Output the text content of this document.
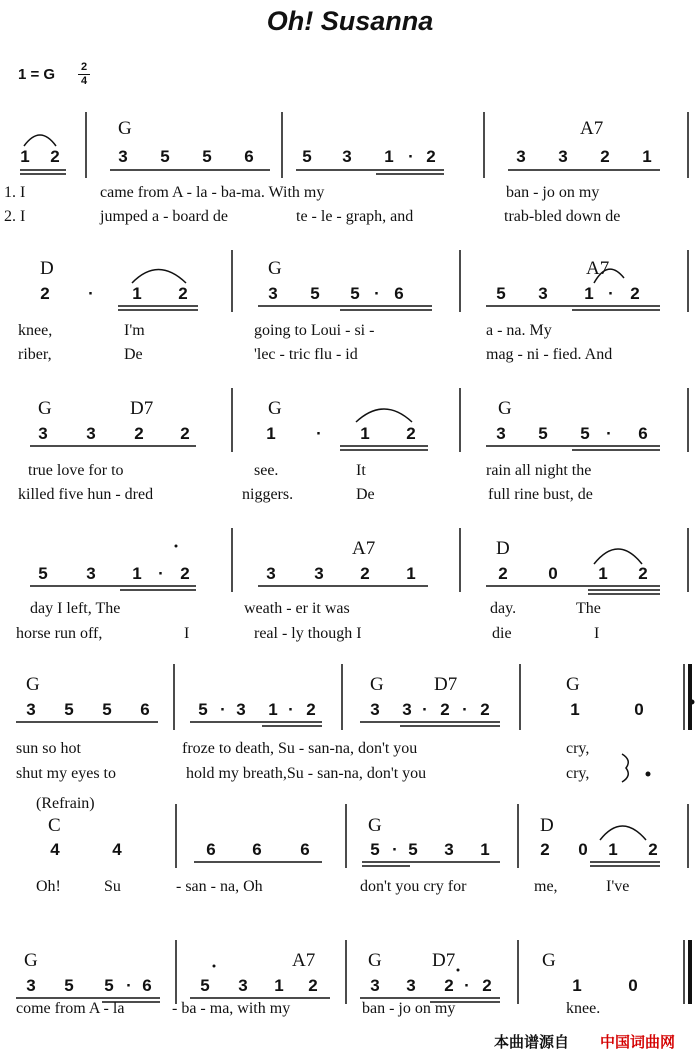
Oh! Susanna
1 = G 2
4
G	A7
1 2	3 5 5 6	5 3 1 · 2	3 3 2 1
1. I	came from A - la - ba-ma. With my	ban - jo on my
2. I	jumped a - board de	te - le - graph, and	trab-bled down de
D	G	A7
2	·	1 2	3 5 5 · 6	5 3 1 · 2
knee,	I'm	going to Loui - si -	a - na. My
riber,	De	'lec - tric flu - id	mag - ni - fied. And
G	D7	G	G
3 3 2 2	1	·	1 2	3 5 5 ·	6
true love for to	see.	It	rain all night the
killed five hun - dred	niggers.	De	full rine bust, de
A7	D
5 3 1 · 2	3 3 2 1	2 0 1 2
day I left, The	weath - er it was	day.	The
horse run off,	I	real - ly though I	die	I
G	G	D7	G
3 5 5 6	5 · 3 1 · 2	3 3 · 2 · 2	1	0
sun so hot	froze to death, Su - san-na, don't you	cry,
shut my eyes to	hold my breath,Su - san-na, don't you	cry,
(Refrain)
C	G	D
4	4	6 6 6	5 · 5 3 1	2 0 1 2
Oh!	Su	- san - na, Oh	don't you cry for	me,	I've
G	A7	G	D7	G
3 5 5 · 6	5 3 1 2	3 3 2 · 2	1	0
come from A - la	- ba - ma, with my	ban - jo on my	knee.
本曲谱源自 中国词曲网
